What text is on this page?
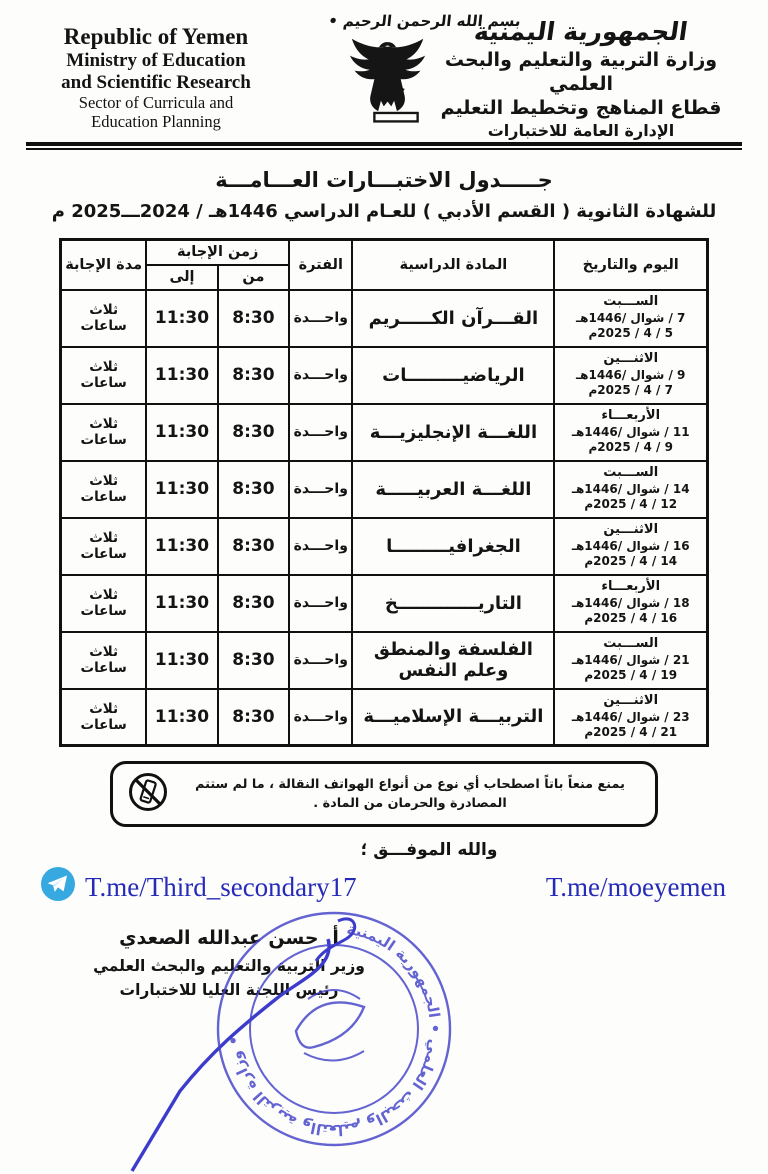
Republic of Yemen
Ministry of Education
and Scientific Research
Sector of Curricula and
Education Planning
بسم الله الرحمن الرحيم •
الجمهورية اليمنية
وزارة التربية والتعليم والبحث العلمي
قطاع المناهج وتخطيط التعليم
الإدارة العامة للاختبارات
جـــــدول الاختبـــارات العـــامـــة
للشهادة الثانوية ( القسم الأدبي ) للعـام الدراسي 1446هـ / 2024ـــ2025 م
اليوم والتاريخ	المادة الدراسية	الفترة	زمن الإجابة		مدة الإجابة
			من	إلى	

الســـبت
7 / شوال /1446هـ
5 / 4 / 2025م	القـــرآن الكـــــريم	واحـــدة	8:30	11:30	ثلاث ساعات

الاثنـــين
9 / شوال /1446هـ
7 / 4 / 2025م	الرياضيـــــــــات	واحـــدة	8:30	11:30	ثلاث ساعات

الأربعـــاء
11 / شوال /1446هـ
9 / 4 / 2025م	اللغـــة الإنجليزيـــة	واحـــدة	8:30	11:30	ثلاث ساعات

الســـبت
14 / شوال /1446هـ
12 / 4 / 2025م	اللغـــة العربيـــــة	واحـــدة	8:30	11:30	ثلاث ساعات

الاثنـــين
16 / شوال /1446هـ
14 / 4 / 2025م	الجغرافيـــــــــا	واحـــدة	8:30	11:30	ثلاث ساعات

الأربعـــاء
18 / شوال /1446هـ
16 / 4 / 2025م	التاريـــــــــــــخ	واحـــدة	8:30	11:30	ثلاث ساعات

الســـبت
21 / شوال /1446هـ
19 / 4 / 2025م	الفلسفة والمنطق وعلم النفس	واحـــدة	8:30	11:30	ثلاث ساعات

الاثنـــين
23 / شوال /1446هـ
21 / 4 / 2025م	التربيـــة الإسلاميـــة	واحـــدة	8:30	11:30	ثلاث ساعات
يمنع منعاً باتاً اصطحاب أي نوع من أنواع الهواتف النقالة ، ما لم ستتم المصادرة والحرمان من المادة .
والله الموفـــق ؛
T.me/Third_secondary17	T.me/moeyemen
أ. حسن عبدالله الصعدي
وزير التربية والتعليم والبحث العلمي
رئيس اللجنة العليا للاختبارات
وزارة التربية والتعليم والبحث العلمي • الجمهورية اليمنية •
